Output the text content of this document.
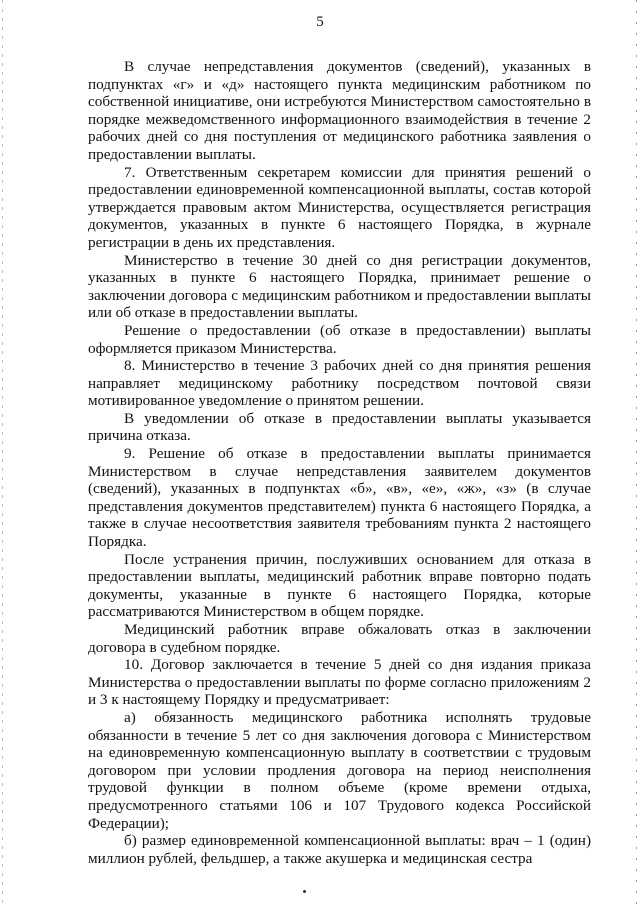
5

В случае непредставления документов (сведений), указанных в подпунктах «г» и «д» настоящего пункта медицинским работником по собственной инициативе, они истребуются Министерством самостоятельно в порядке межведомственного информационного взаимодействия в течение 2 рабочих дней со дня поступления от медицинского работника заявления о предоставлении выплаты.

7. Ответственным секретарем комиссии для принятия решений о предоставлении единовременной компенсационной выплаты, состав которой утверждается правовым актом Министерства, осуществляется регистрация документов, указанных в пункте 6 настоящего Порядка, в журнале регистрации в день их представления.

Министерство в течение 30 дней со дня регистрации документов, указанных в пункте 6 настоящего Порядка, принимает решение о заключении договора с медицинским работником и предоставлении выплаты или об отказе в предоставлении выплаты.

Решение о предоставлении (об отказе в предоставлении) выплаты оформляется приказом Министерства.

8. Министерство в течение 3 рабочих дней со дня принятия решения направляет медицинскому работнику посредством почтовой связи мотивированное уведомление о принятом решении.

В уведомлении об отказе в предоставлении выплаты указывается причина отказа.

9. Решение об отказе в предоставлении выплаты принимается Министерством в случае непредставления заявителем документов (сведений), указанных в подпунктах «б», «в», «е», «ж», «з» (в случае представления документов представителем) пункта 6 настоящего Порядка, а также в случае несоответствия заявителя требованиям пункта 2 настоящего Порядка.

После устранения причин, послуживших основанием для отказа в предоставлении выплаты, медицинский работник вправе повторно подать документы, указанные в пункте 6 настоящего Порядка, которые рассматриваются Министерством в общем порядке.

Медицинский работник вправе обжаловать отказ в заключении договора в судебном порядке.

10. Договор заключается в течение 5 дней со дня издания приказа Министерства о предоставлении выплаты по форме согласно приложениям 2 и 3 к настоящему Порядку и предусматривает:

а) обязанность медицинского работника исполнять трудовые обязанности в течение 5 лет со дня заключения договора с Министерством на единовременную компенсационную выплату в соответствии с трудовым договором при условии продления договора на период неисполнения трудовой функции в полном объеме (кроме времени отдыха, предусмотренного статьями 106 и 107 Трудового кодекса Российской Федерации);

б) размер единовременной компенсационной выплаты: врач – 1 (один) миллион рублей, фельдшер, а также акушерка и медицинская сестра
